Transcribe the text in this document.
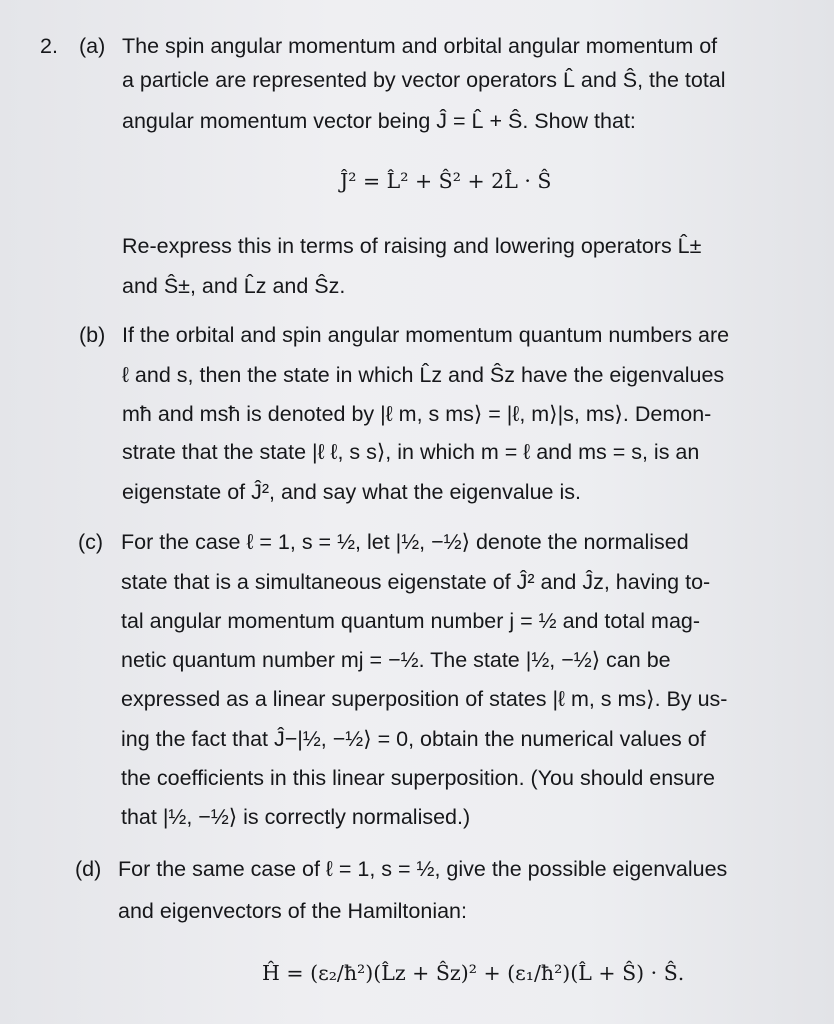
2. (a) The spin angular momentum and orbital angular momentum of
a particle are represented by vector operators L̂ and Ŝ, the total
angular momentum vector being Ĵ = L̂ + Ŝ. Show that:
Ĵ² = L̂² + Ŝ² + 2L̂ · Ŝ
Re-express this in terms of raising and lowering operators L̂±
and Ŝ±, and L̂z and Ŝz.
(b) If the orbital and spin angular momentum quantum numbers are
ℓ and s, then the state in which L̂z and Ŝz have the eigenvalues
mħ and msħ is denoted by |ℓ m, s ms⟩ = |ℓ, m⟩|s, ms⟩. Demon-
strate that the state |ℓ ℓ, s s⟩, in which m = ℓ and ms = s, is an
eigenstate of Ĵ², and say what the eigenvalue is.
(c) For the case ℓ = 1, s = ½, let |½, −½⟩ denote the normalised
state that is a simultaneous eigenstate of Ĵ² and Ĵz, having to-
tal angular momentum quantum number j = ½ and total mag-
netic quantum number mj = −½. The state |½, −½⟩ can be
expressed as a linear superposition of states |ℓ m, s ms⟩. By us-
ing the fact that Ĵ−|½, −½⟩ = 0, obtain the numerical values of
the coefficients in this linear superposition. (You should ensure
that |½, −½⟩ is correctly normalised.)
(d) For the same case of ℓ = 1, s = ½, give the possible eigenvalues
and eigenvectors of the Hamiltonian:
Ĥ = (ε₂/ħ²)(L̂z + Ŝz)² + (ε₁/ħ²)(L̂ + Ŝ) · Ŝ.
